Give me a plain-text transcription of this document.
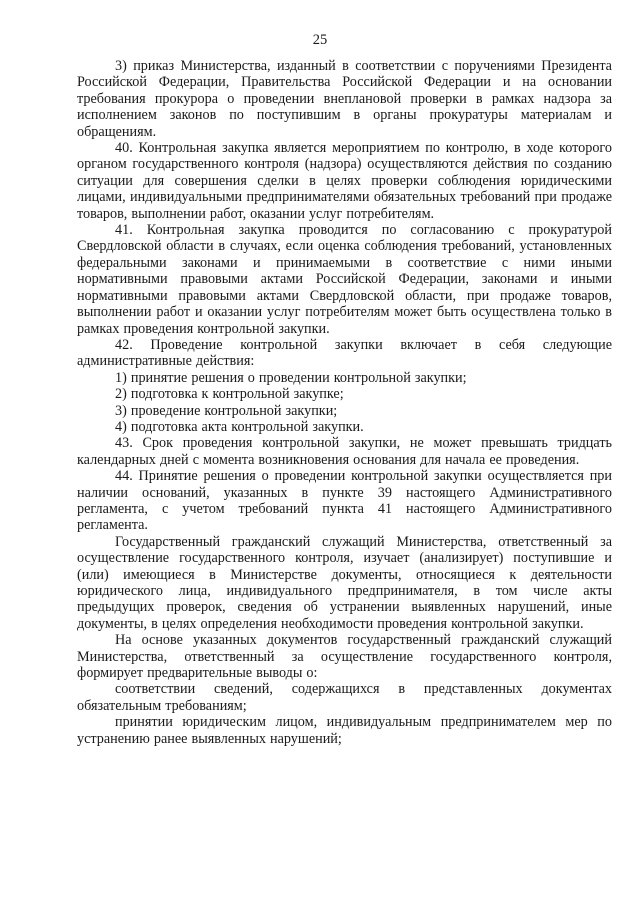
25

3) приказ Министерства, изданный в соответствии с поручениями Президента Российской Федерации, Правительства Российской Федерации и на основании требования прокурора о проведении внеплановой проверки в рамках надзора за исполнением законов по поступившим в органы прокуратуры материалам и обращениям.

40. Контрольная закупка является мероприятием по контролю, в ходе которого органом государственного контроля (надзора) осуществляются действия по созданию ситуации для совершения сделки в целях проверки соблюдения юридическими лицами, индивидуальными предпринимателями обязательных требований при продаже товаров, выполнении работ, оказании услуг потребителям.

41. Контрольная закупка проводится по согласованию с прокуратурой Свердловской области в случаях, если оценка соблюдения требований, установленных федеральными законами и принимаемыми в соответствие с ними иными нормативными правовыми актами Российской Федерации, законами и иными нормативными правовыми актами Свердловской области, при продаже товаров, выполнении работ и оказании услуг потребителям может быть осуществлена только в рамках проведения контрольной закупки.

42. Проведение контрольной закупки включает в себя следующие административные действия:

1) принятие решения о проведении контрольной закупки;

2) подготовка к контрольной закупке;

3) проведение контрольной закупки;

4) подготовка акта контрольной закупки.

43. Срок проведения контрольной закупки, не может превышать тридцать календарных дней с момента возникновения основания для начала ее проведения.

44. Принятие решения о проведении контрольной закупки осуществляется при наличии оснований, указанных в пункте 39 настоящего Административного регламента, с учетом требований пункта 41 настоящего Административного регламента.

Государственный гражданский служащий Министерства, ответственный за осуществление государственного контроля, изучает (анализирует) поступившие и (или) имеющиеся в Министерстве документы, относящиеся к деятельности юридического лица, индивидуального предпринимателя, в том числе акты предыдущих проверок, сведения об устранении выявленных нарушений, иные документы, в целях определения необходимости проведения контрольной закупки.

На основе указанных документов государственный гражданский служащий Министерства, ответственный за осуществление государственного контроля, формирует предварительные выводы о:

соответствии сведений, содержащихся в представленных документах обязательным требованиям;

принятии юридическим лицом, индивидуальным предпринимателем мер по устранению ранее выявленных нарушений;
